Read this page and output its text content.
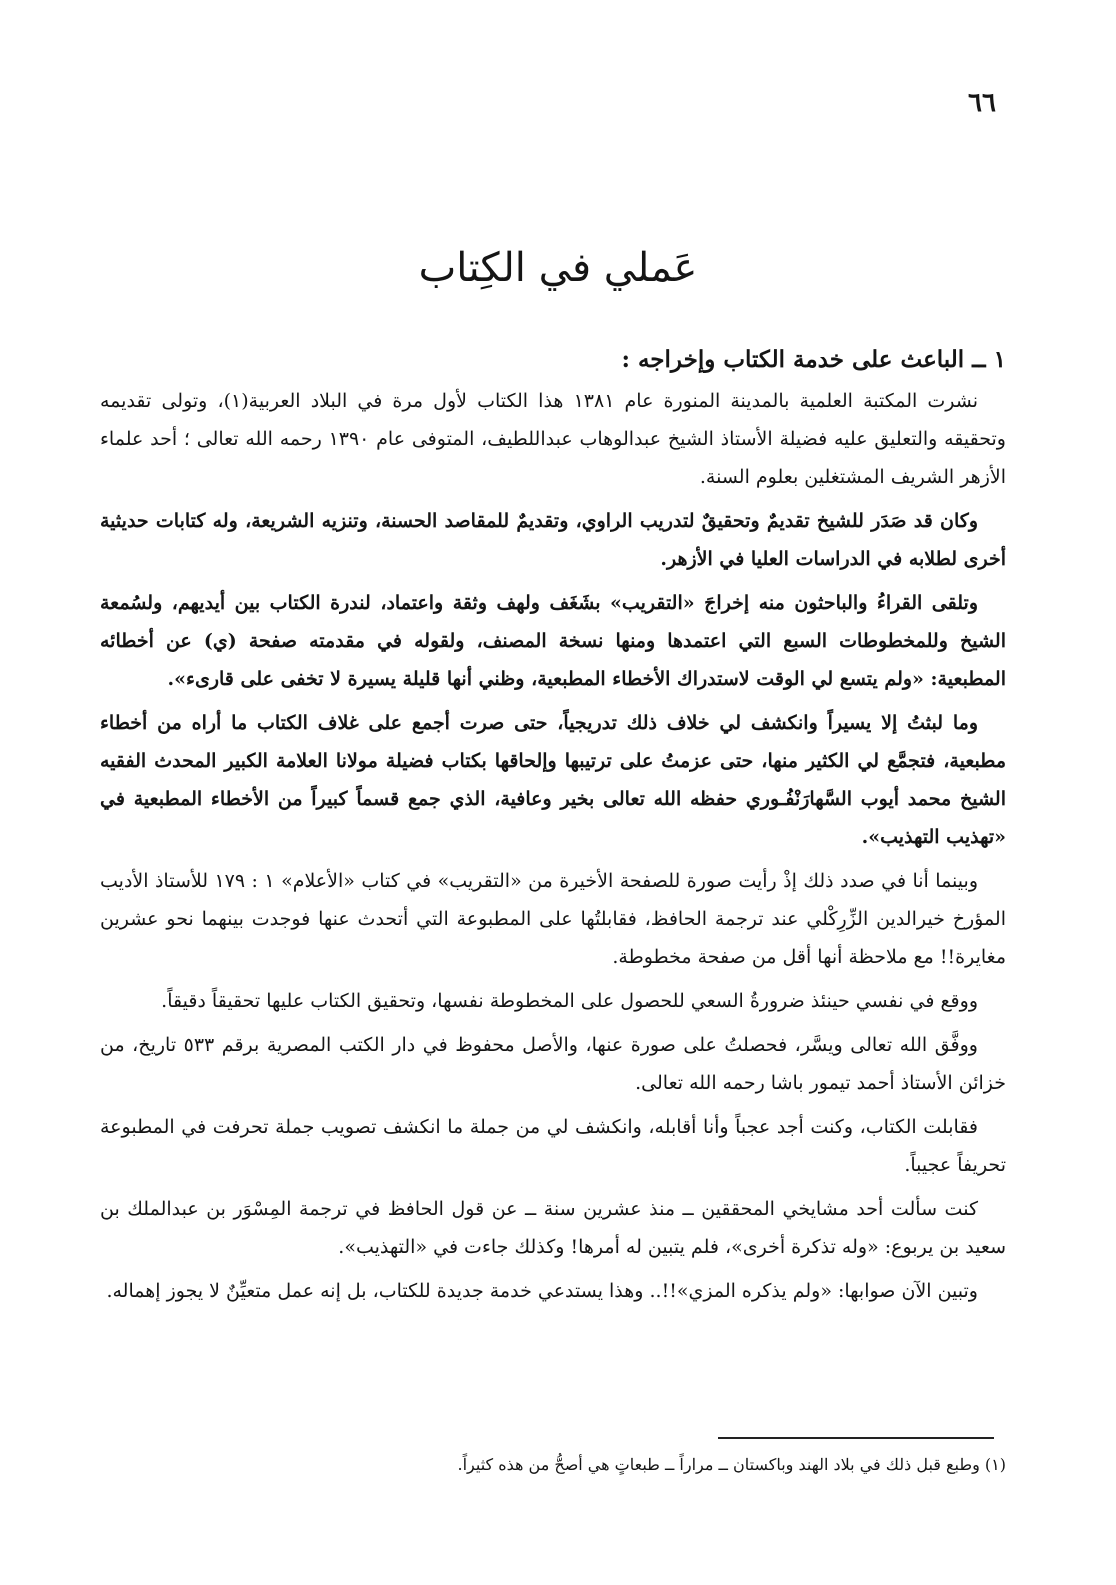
٦٦
عَملي في الكِتاب
١ ــ الباعث على خدمة الكتاب وإخراجه :

نشرت المكتبة العلمية بالمدينة المنورة عام ١٣٨١ هذا الكتاب لأول مرة في البلاد العربية(١)، وتولى تقديمه وتحقيقه والتعليق عليه فضيلة الأستاذ الشيخ عبدالوهاب عبداللطيف، المتوفى عام ١٣٩٠ رحمه الله تعالى ؛ أحد علماء الأزهر الشريف المشتغلين بعلوم السنة.

وكان قد صَدَر للشيخ تقديمٌ وتحقيقٌ لتدريب الراوي، وتقديمٌ للمقاصد الحسنة، وتنزيه الشريعة، وله كتابات حديثية أخرى لطلابه في الدراسات العليا في الأزهر.

وتلقى القراءُ والباحثون منه إخراجَ «التقريب» بشَغَف ولهف وثقة واعتماد، لندرة الكتاب بين أيديهم، ولسُمعة الشيخ وللمخطوطات السبع التي اعتمدها ومنها نسخة المصنف، ولقوله في مقدمته صفحة (ي) عن أخطائه المطبعية: «ولم يتسع لي الوقت لاستدراك الأخطاء المطبعية، وظني أنها قليلة يسيرة لا تخفى على قارىء».

وما لبثتُ إلا يسيراً وانكشف لي خلاف ذلك تدريجياً، حتى صرت أجمع على غلاف الكتاب ما أراه من أخطاء مطبعية، فتجمَّع لي الكثير منها، حتى عزمتُ على ترتيبها وإلحاقها بكتاب فضيلة مولانا العلامة الكبير المحدث الفقيه الشيخ محمد أيوب السَّهارَنْفُـوري حفظه الله تعالى بخير وعافية، الذي جمع قسماً كبيراً من الأخطاء المطبعية في «تهذيب التهذيب».

وبينما أنا في صدد ذلك إذْ رأيت صورة للصفحة الأخيرة من «التقريب» في كتاب «الأعلام» ١ : ١٧٩ للأستاذ الأديب المؤرخ خيرالدين الزِّرِكْلي عند ترجمة الحافظ، فقابلتُها على المطبوعة التي أتحدث عنها فوجدت بينهما نحو عشرين مغايرة!! مع ملاحظة أنها أقل من صفحة مخطوطة.

ووقع في نفسي حينئذ ضرورةُ السعي للحصول على المخطوطة نفسها، وتحقيق الكتاب عليها تحقيقاً دقيقاً.

ووفَّق الله تعالى ويسَّر، فحصلتُ على صورة عنها، والأصل محفوظ في دار الكتب المصرية برقم ٥٣٣ تاريخ، من خزائن الأستاذ أحمد تيمور باشا رحمه الله تعالى.

فقابلت الكتاب، وكنت أجد عجباً وأنا أقابله، وانكشف لي من جملة ما انكشف تصويب جملة تحرفت في المطبوعة تحريفاً عجيباً.

كنت سألت أحد مشايخي المحققين ــ منذ عشرين سنة ــ عن قول الحافظ في ترجمة المِسْوَر بن عبدالملك بن سعيد بن يربوع: «وله تذكرة أخرى»، فلم يتبين له أمرها! وكذلك جاءت في «التهذيب».

وتبين الآن صوابها: «ولم يذكره المزي»!!.. وهذا يستدعي خدمة جديدة للكتاب، بل إنه عمل متعيِّنٌ لا يجوز إهماله.

(١) وطبع قبل ذلك في بلاد الهند وباكستان ــ مراراً ــ طبعاتٍ هي أصحُّ من هذه كثيراً.
